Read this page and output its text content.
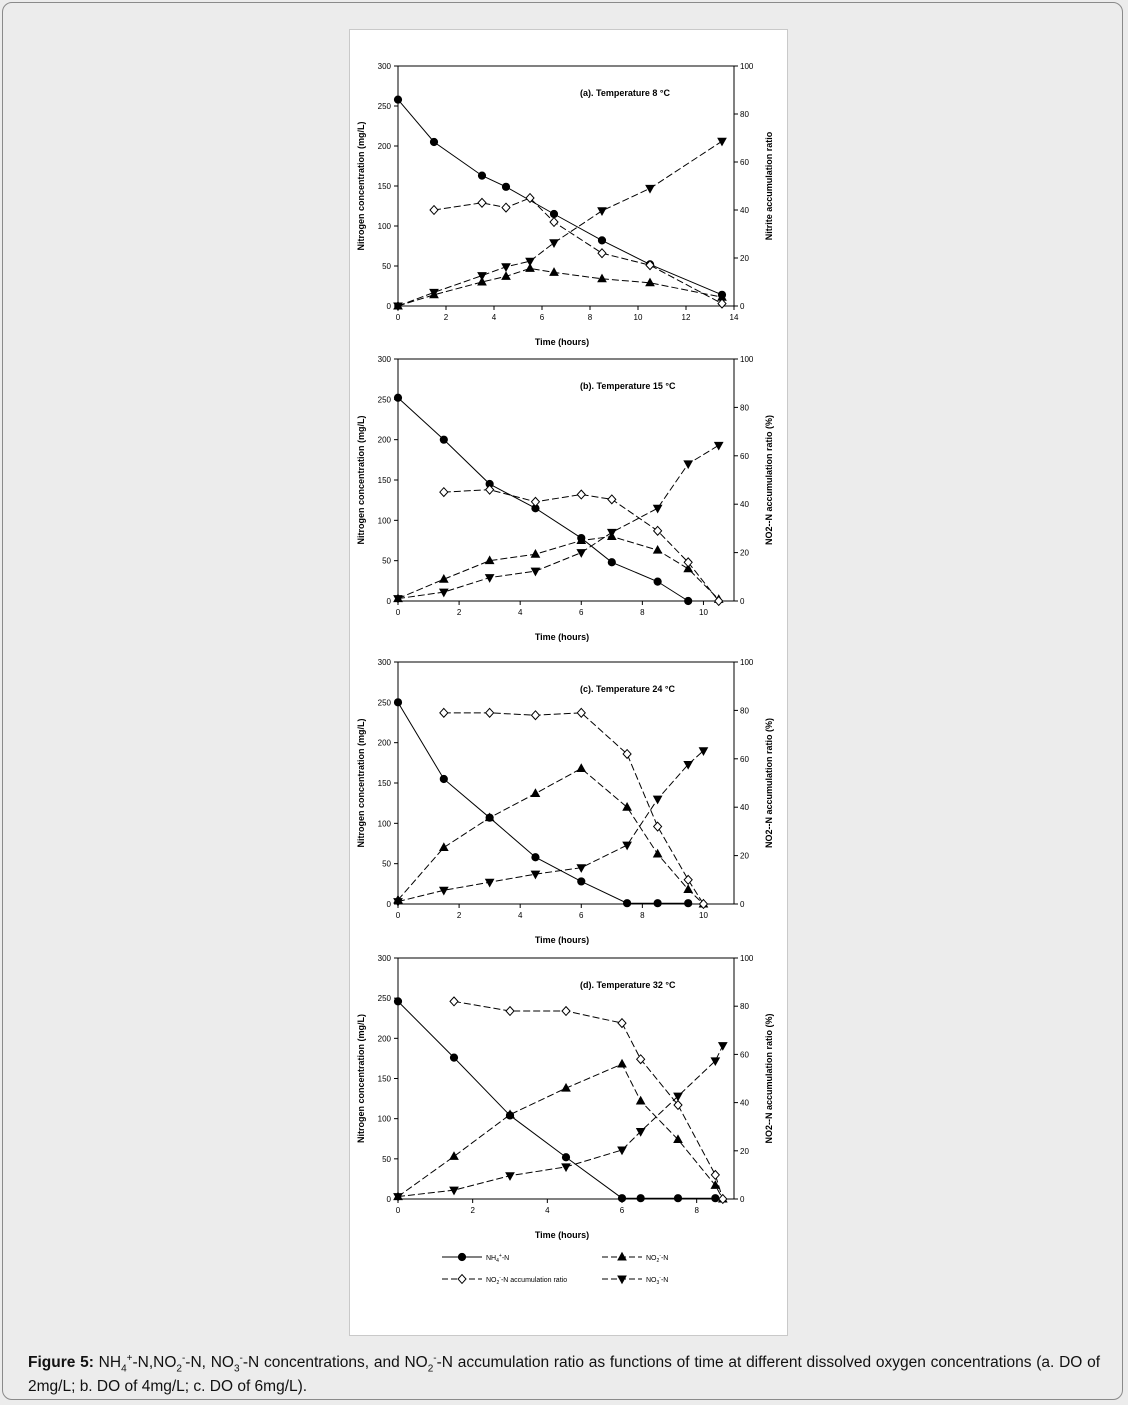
0
50
100
150
200
250
300
0
20
40
60
80
100
0	2	4	6	8	10	12	14
Time (hours)
Nitrogen concentration (mg/L)	Nitrite accumulation ratio
(a). Temperature 8 °C
0
50
100
150
200
250
300
0
20
40
60
80
100
0	2	4	6	8	10
Time (hours)
Nitrogen concentration (mg/L)	NO2--N accumulation ratio (%)
(b). Temperature 15 °C
0
50
100
150
200
250
300
0
20
40
60
80
100
0	2	4	6	8	10
Time (hours)
Nitrogen concentration (mg/L)	NO2--N accumulation ratio (%)
(c). Temperature 24 °C
0
50
100
150
200
250
300
0
20
40
60
80
100
0	2	4	6	8
Time (hours)
Nitrogen concentration (mg/L)	NO2--N accumulation ratio (%)
(d). Temperature 32 °C
$NH_4^+-N$	$NO_2^--N$
$NO_2^--N$ accumulation ratio	$NO_3^--N$
Figure 5: $NH_4^+-N,NO_2^--N$, $NO_3^--N$ concentrations, and $NO_2^--N$ accumulation ratio as functions of time at different dissolved oxygen concentrations (a. DO of 2mg/L; b. DO of 4mg/L; c. DO of 6mg/L).
